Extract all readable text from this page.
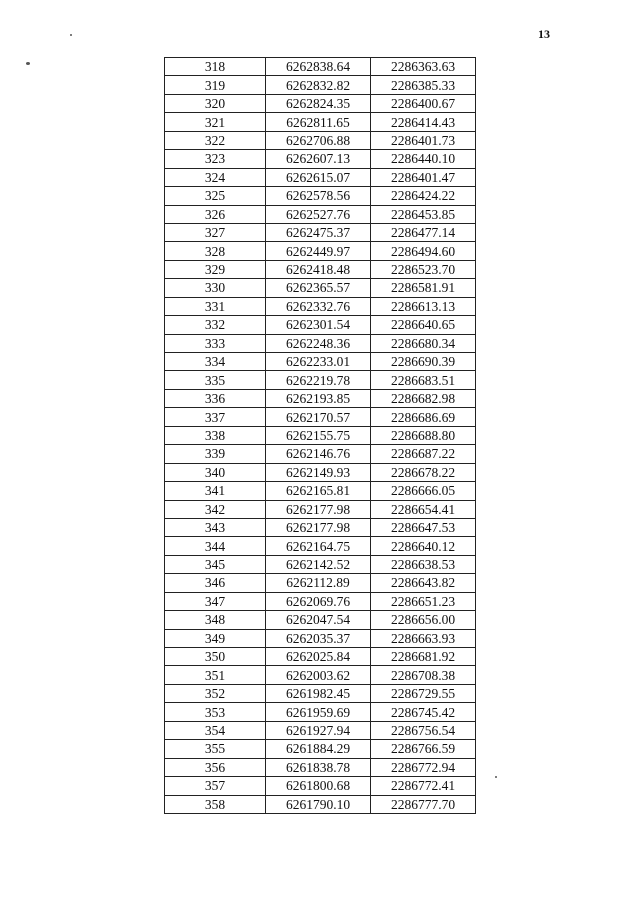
13
318	6262838.64	2286363.63
319	6262832.82	2286385.33
320	6262824.35	2286400.67
321	6262811.65	2286414.43
322	6262706.88	2286401.73
323	6262607.13	2286440.10
324	6262615.07	2286401.47
325	6262578.56	2286424.22
326	6262527.76	2286453.85
327	6262475.37	2286477.14
328	6262449.97	2286494.60
329	6262418.48	2286523.70
330	6262365.57	2286581.91
331	6262332.76	2286613.13
332	6262301.54	2286640.65
333	6262248.36	2286680.34
334	6262233.01	2286690.39
335	6262219.78	2286683.51
336	6262193.85	2286682.98
337	6262170.57	2286686.69
338	6262155.75	2286688.80
339	6262146.76	2286687.22
340	6262149.93	2286678.22
341	6262165.81	2286666.05
342	6262177.98	2286654.41
343	6262177.98	2286647.53
344	6262164.75	2286640.12
345	6262142.52	2286638.53
346	6262112.89	2286643.82
347	6262069.76	2286651.23
348	6262047.54	2286656.00
349	6262035.37	2286663.93
350	6262025.84	2286681.92
351	6262003.62	2286708.38
352	6261982.45	2286729.55
353	6261959.69	2286745.42
354	6261927.94	2286756.54
355	6261884.29	2286766.59
356	6261838.78	2286772.94
357	6261800.68	2286772.41
358	6261790.10	2286777.70
